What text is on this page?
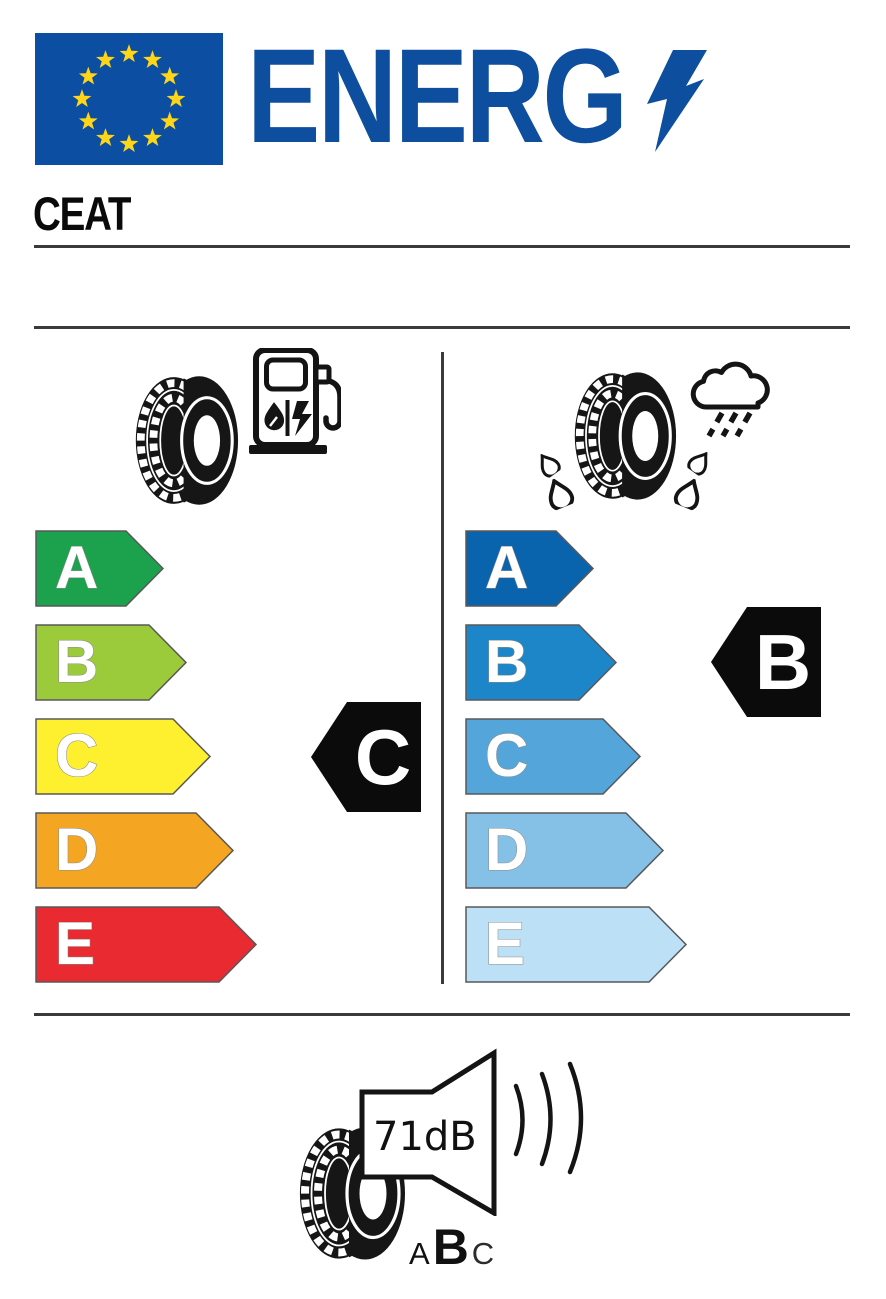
ENERG
CEAT
A
B
C
D
E
C
A
B
C
D
E
B
71dB
A B C
